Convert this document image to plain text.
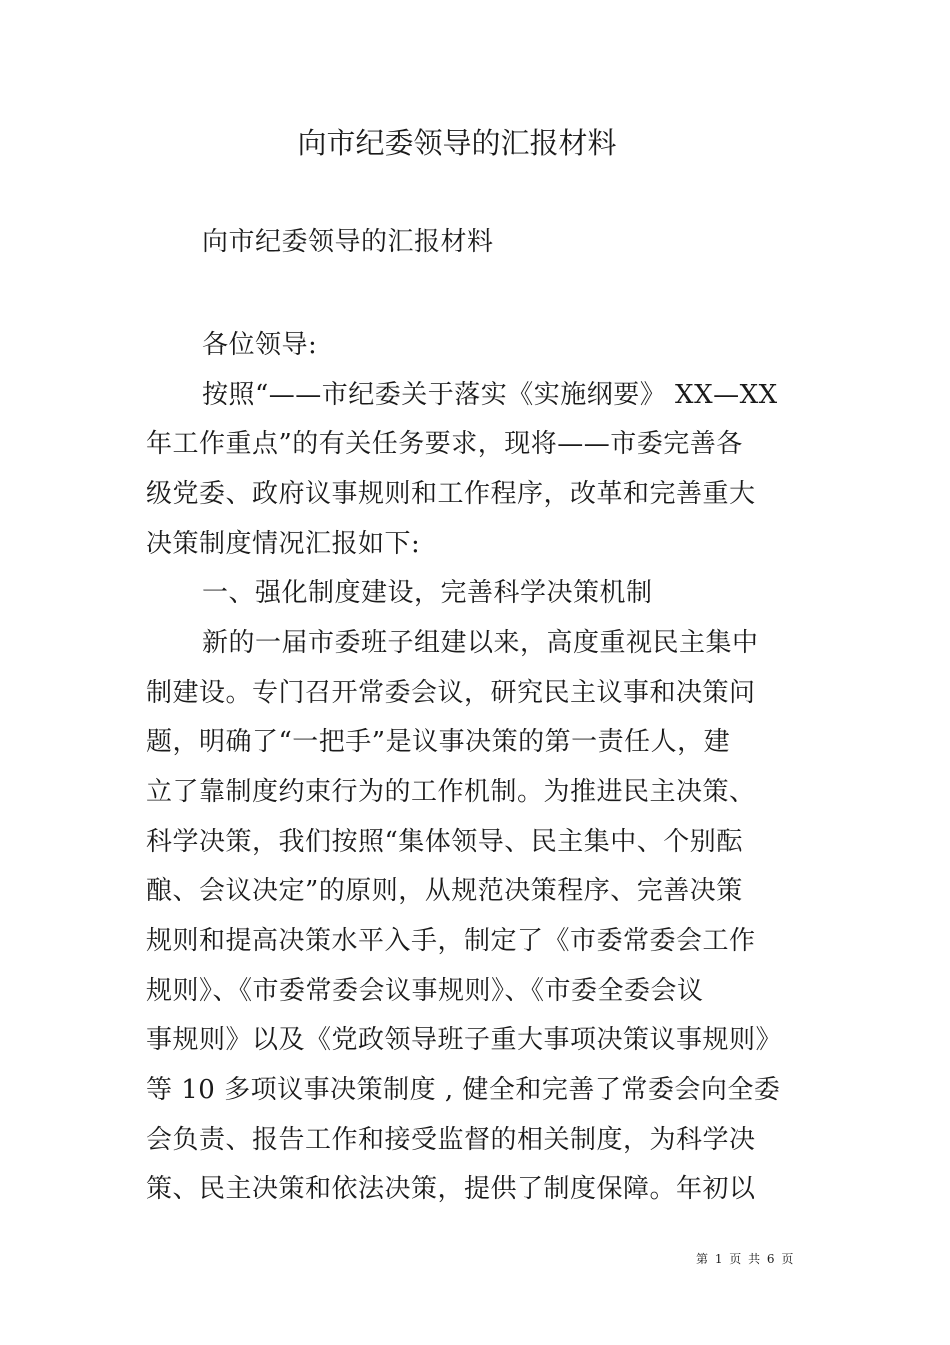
向市纪委领导的汇报材料
向市纪委领导的汇报材料
各位领导:
按照“——市纪委关于落实《实施纲要》 XX—XX
年工作重点”的有关任务要求，现将——市委完善各
级党委、政府议事规则和工作程序，改革和完善重大
决策制度情况汇报如下:
一、强化制度建设，完善科学决策机制
新的一届市委班子组建以来，高度重视民主集中
制建设。专门召开常委会议，研究民主议事和决策问
题，明确了“一把手”是议事决策的第一责任人，建
立了靠制度约束行为的工作机制。为推进民主决策、
科学决策，我们按照“集体领导、民主集中、个别酝
酿、会议决定”的原则，从规范决策程序、完善决策
规则和提高决策水平入手，制定了《市委常委会工作
规则》、《市委常委会议事规则》、《市委全委会议
事规则》以及《党政领导班子重大事项决策议事规则》
等 10 多项议事决策制度 , 健全和完善了常委会向全委
会负责、报告工作和接受监督的相关制度，为科学决
策、民主决策和依法决策，提供了制度保障。年初以
第 1 页 共 6 页
